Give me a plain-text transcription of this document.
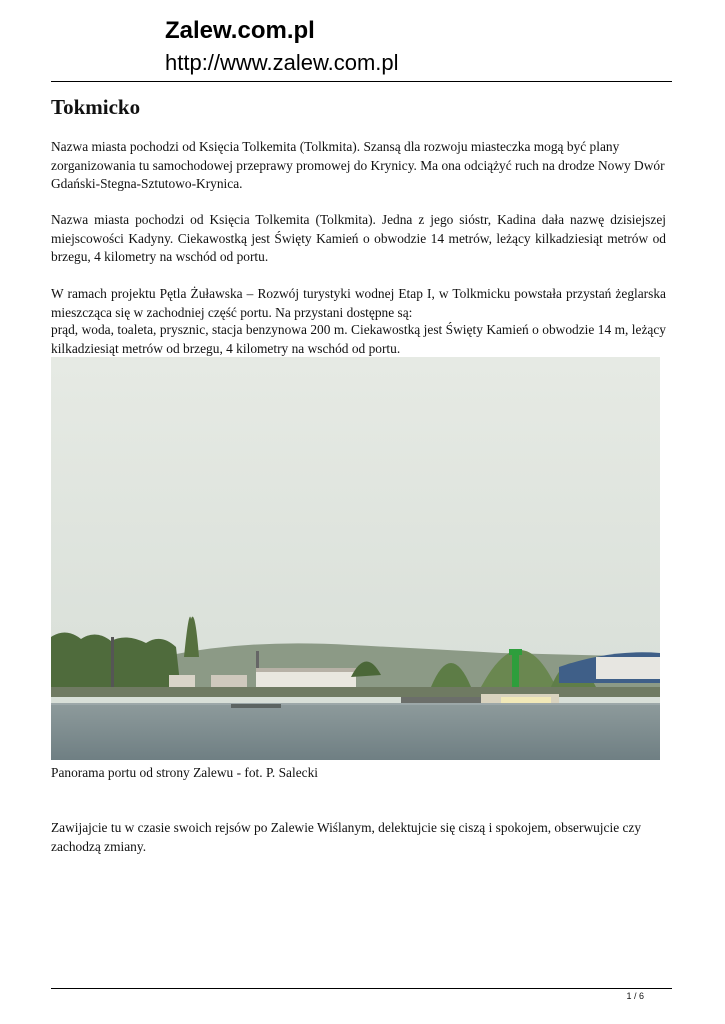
Zalew.com.pl
http://www.zalew.com.pl
Tokmicko

Nazwa miasta pochodzi od Księcia Tolkemita (Tolkmita). Szansą dla rozwoju miasteczka mogą być plany zorganizowania tu samochodowej przeprawy promowej do Krynicy. Ma ona odciążyć ruch na drodze Nowy Dwór Gdański-Stegna-Sztutowo-Krynica.

Nazwa miasta pochodzi od Księcia Tolkemita (Tolkmita). Jedna z jego sióstr, Kadina dała nazwę dzisiejszej miejscowości Kadyny. Ciekawostką jest Święty Kamień o obwodzie 14 metrów, leżący kilkadziesiąt metrów od brzegu, 4 kilometry na wschód od portu.

W ramach projektu Pętla Żuławska – Rozwój turystyki wodnej Etap I, w Tolkmicku powstała przystań żeglarska mieszcząca się w zachodniej część portu. Na przystani dostępne są:

prąd, woda, toaleta, prysznic, stacja benzynowa 200 m. Ciekawostką jest Święty Kamień o obwodzie 14 m, leżący kilkadziesiąt metrów od brzegu, 4 kilometry na wschód od portu.

Panorama portu od strony Zalewu - fot. P. Salecki

Zawijajcie tu w czasie swoich rejsów po Zalewie Wiślanym, delektujcie się ciszą i spokojem, obserwujcie czy zachodzą zmiany.

1 / 6
